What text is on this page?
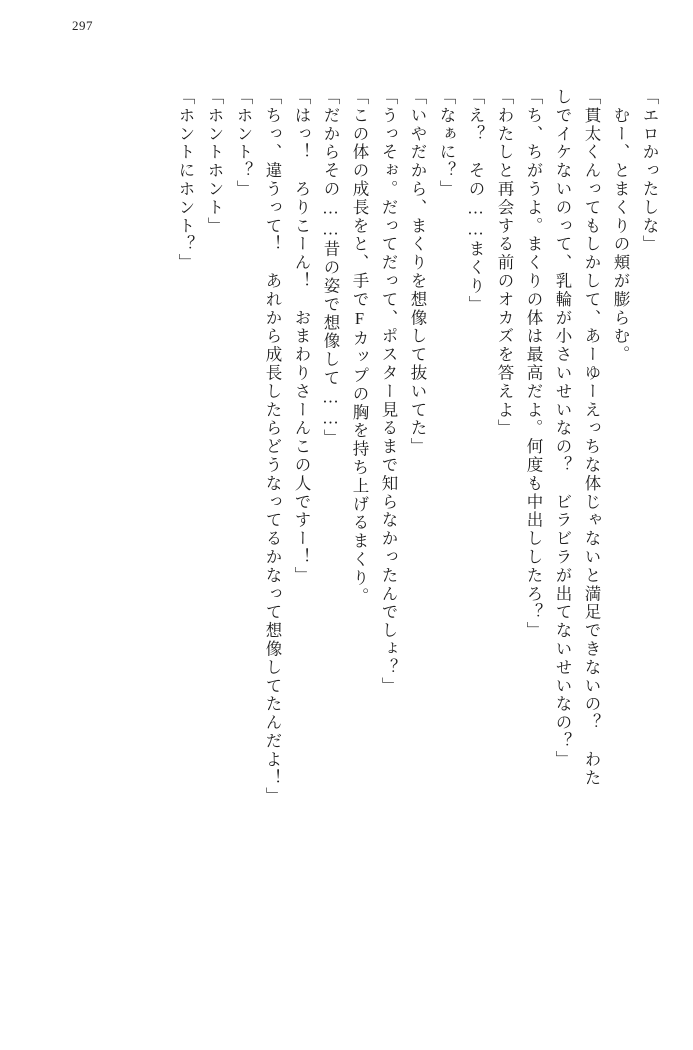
297
「エロかったしな」
　むー、とまくりの頬が膨らむ。
「貫太くんってもしかして、あーゆーえっちな体じゃないと満足できないの？　わた
しでイケないのって、乳輪が小さいせいなの？　ビラビラが出てないせいなの？」
「ち、ちがうよ。まくりの体は最高だよ。何度も中出ししたろ？」
「わたしと再会する前のオカズを答えよ」
「え？　その……まくり」
「なぁに？」
「いやだから、まくりを想像して抜いてた」
「うっそぉ。だってだって、ポスター見るまで知らなかったんでしょ？」
「この体の成長をと、手でFカップの胸を持ち上げるまくり。
「だからその……昔の姿で想像して……」
「はっ！　ろりこーん！　おまわりさーんこの人ですー！」
「ちっ、違うって！　あれから成長したらどうなってるかなって想像してたんだよ！」
「ホント？」
「ホントホント」
「ホントにホント？」
